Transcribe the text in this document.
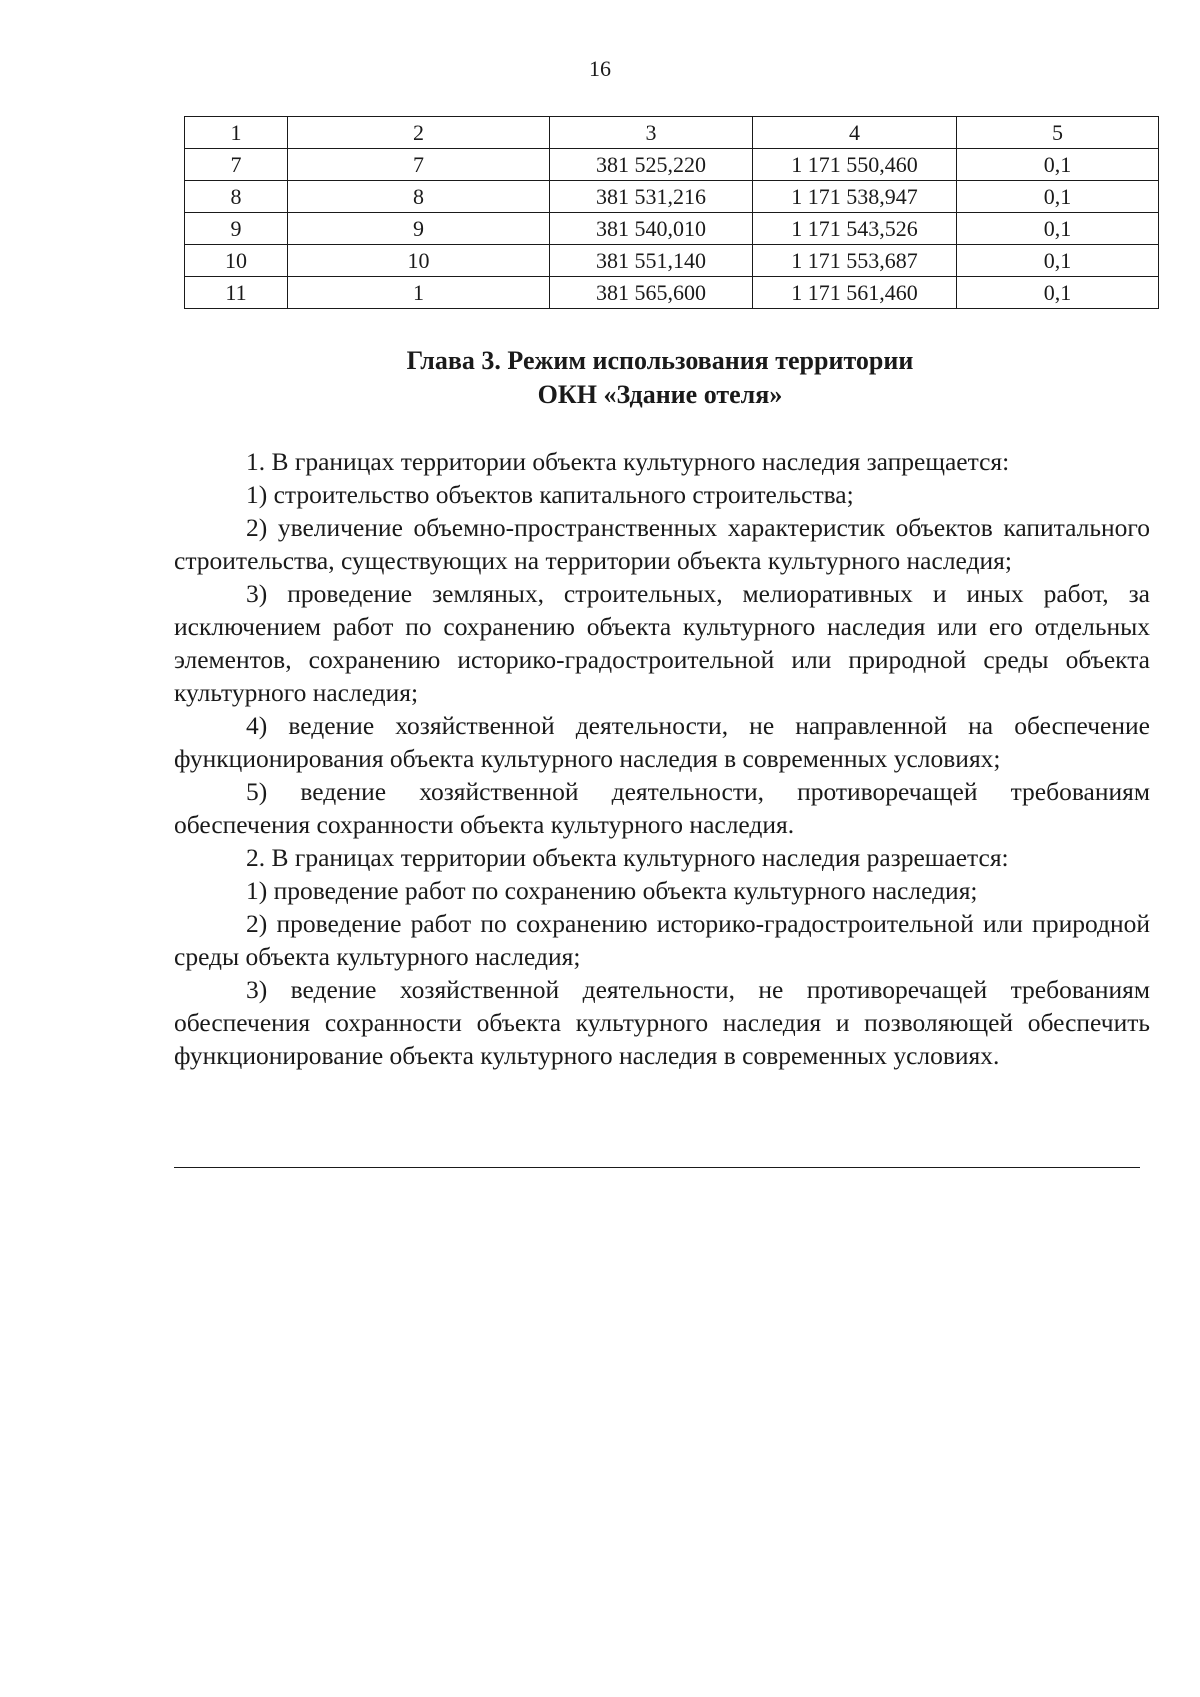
16
1	2	3	4	5
7	7	381 525,220	1 171 550,460	0,1
8	8	381 531,216	1 171 538,947	0,1
9	9	381 540,010	1 171 543,526	0,1
10	10	381 551,140	1 171 553,687	0,1
11	1	381 565,600	1 171 561,460	0,1
Глава 3. Режим использования территории
ОКН «Здание отеля»

1. В границах территории объекта культурного наследия запрещается:

1) строительство объектов капитального строительства;

2) увеличение объемно-пространственных характеристик объектов капитального строительства, существующих на территории объекта культурного наследия;

3) проведение земляных, строительных, мелиоративных и иных работ, за исключением работ по сохранению объекта культурного наследия или его отдельных элементов, сохранению историко-градостроительной или природной среды объекта культурного наследия;

4) ведение хозяйственной деятельности, не направленной на обеспечение функционирования объекта культурного наследия в современных условиях;

5) ведение хозяйственной деятельности, противоречащей требованиям обеспечения сохранности объекта культурного наследия.

2. В границах территории объекта культурного наследия разрешается:

1) проведение работ по сохранению объекта культурного наследия;

2) проведение работ по сохранению историко-градостроительной или природной среды объекта культурного наследия;

3) ведение хозяйственной деятельности, не противоречащей требованиям обеспечения сохранности объекта культурного наследия и позволяющей обеспечить функционирование объекта культурного наследия в современных условиях.
